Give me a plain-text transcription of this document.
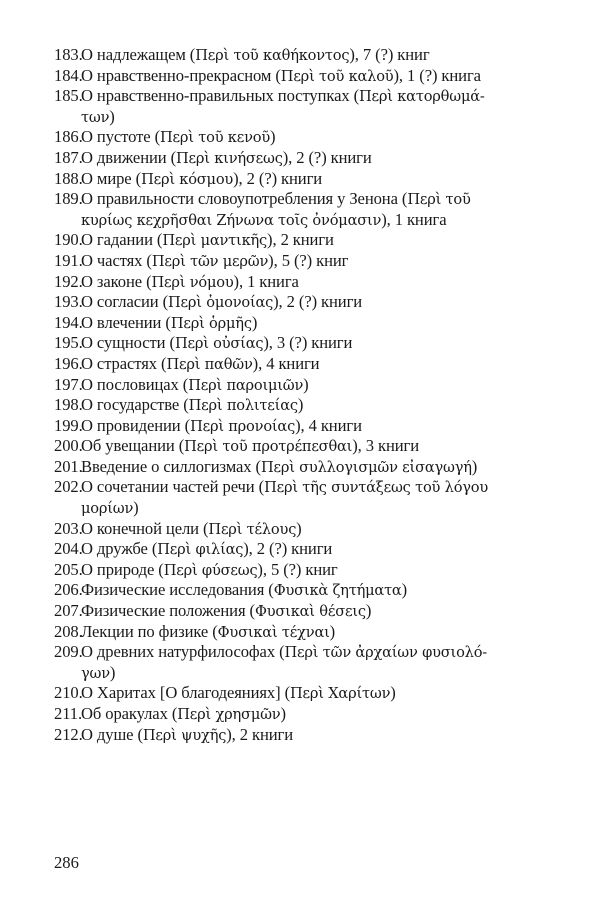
183.О надлежащем (Περὶ τοῦ καθήκοντος), 7 (?) книг
184.О нравственно-прекрасном (Περὶ τοῦ καλοῦ), 1 (?) книга
185.О нравственно-правильных поступках (Περὶ κατορθωμά-
των)
186.О пустоте (Περὶ τοῦ κενοῦ)
187.О движении (Περὶ κινήσεως), 2 (?) книги
188.О мире (Περὶ κόσμου), 2 (?) книги
189.О правильности словоупотребления у Зенона (Περὶ τοῦ
κυρίως κεχρῆσθαι Ζήνωνα τοῖς ὀνόμασιν), 1 книга
190.О гадании (Περὶ μαντικῆς), 2 книги
191.О частях (Περὶ τῶν μερῶν), 5 (?) книг
192.О законе (Περὶ νόμου), 1 книга
193.О согласии (Περὶ ὁμονοίας), 2 (?) книги
194.О влечении (Περὶ ὁρμῆς)
195.О сущности (Περὶ οὐσίας), 3 (?) книги
196.О страстях (Περὶ παθῶν), 4 книги
197.О пословицах (Περὶ παροιμιῶν)
198.О государстве (Περὶ πολιτείας)
199.О провидении (Περὶ προνοίας), 4 книги
200.Об увещании (Περὶ τοῦ προτρέπεσθαι), 3 книги
201.Введение о силлогизмах (Περὶ συλλογισμῶν εἰσαγωγή)
202.О сочетании частей речи (Περὶ τῆς συντάξεως τοῦ λόγου
μορίων)
203.О конечной цели (Περὶ τέλους)
204.О дружбе (Περὶ φιλίας), 2 (?) книги
205.О природе (Περὶ φύσεως), 5 (?) книг
206.Физические исследования (Φυσικὰ ζητήματα)
207.Физические положения (Φυσικαὶ θέσεις)
208.Лекции по физике (Φυσικαὶ τέχναι)
209.О древних натурфилософах (Περὶ τῶν ἀρχαίων φυσιολό-
γων)
210.О Харитах [О благодеяниях] (Περὶ Χαρίτων)
211.Об оракулах (Περὶ χρησμῶν)
212.О душе (Περὶ ψυχῆς), 2 книги
286
